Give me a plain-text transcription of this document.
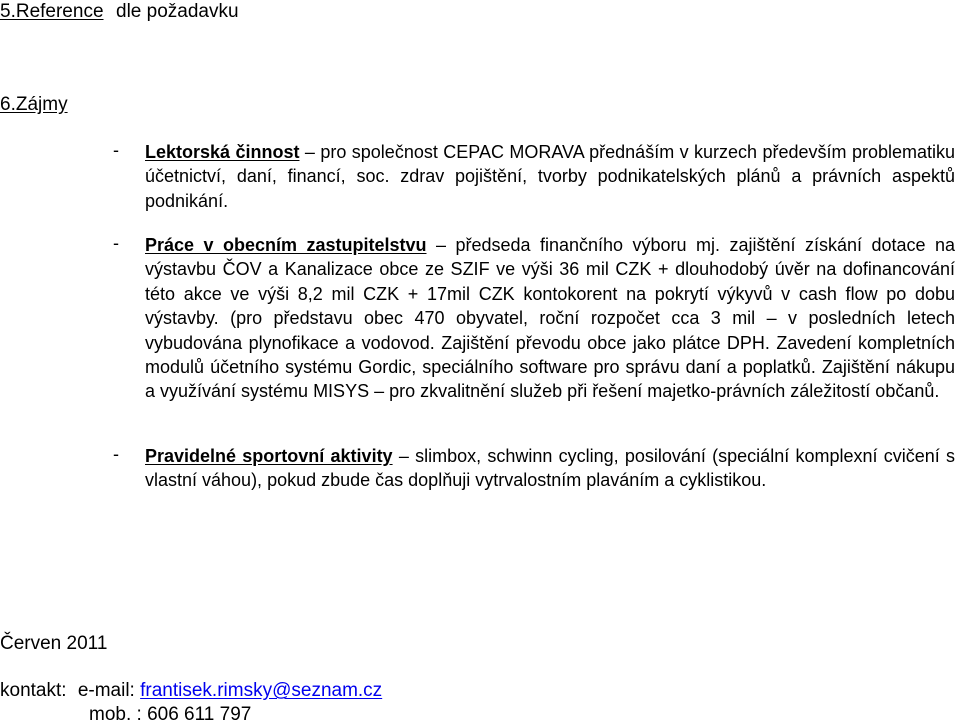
5.Reference dle požadavku
6.Zájmy
- Lektorská činnost – pro společnost CEPAC MORAVA přednáším v kurzech především problematiku účetnictví, daní, financí, soc. zdrav pojištění, tvorby podnikatelských plánů a právních aspektů podnikání.
- Práce v obecním zastupitelstvu – předseda finančního výboru mj. zajištění získání dotace na výstavbu ČOV a Kanalizace obce ze SZIF ve výši 36 mil CZK + dlouhodobý úvěr na dofinancování této akce ve výši 8,2 mil CZK + 17mil CZK kontokorent na pokrytí výkyvů v cash flow po dobu výstavby. (pro představu obec 470 obyvatel, roční rozpočet cca 3 mil – v posledních letech vybudována plynofikace a vodovod. Zajištění převodu obce jako plátce DPH. Zavedení kompletních modulů účetního systému Gordic, speciálního software pro správu daní a poplatků. Zajištění nákupu a využívání systému MISYS – pro zkvalitnění služeb při řešení majetko-právních záležitostí občanů.
- Pravidelné sportovní aktivity – slimbox, schwinn cycling, posilování (speciální komplexní cvičení s vlastní váhou), pokud zbude čas doplňuji vytrvalostním plaváním a cyklistikou.
Červen 2011
kontakt: e-mail: frantisek.rimsky@seznam.cz
mob. : 606 611 797
